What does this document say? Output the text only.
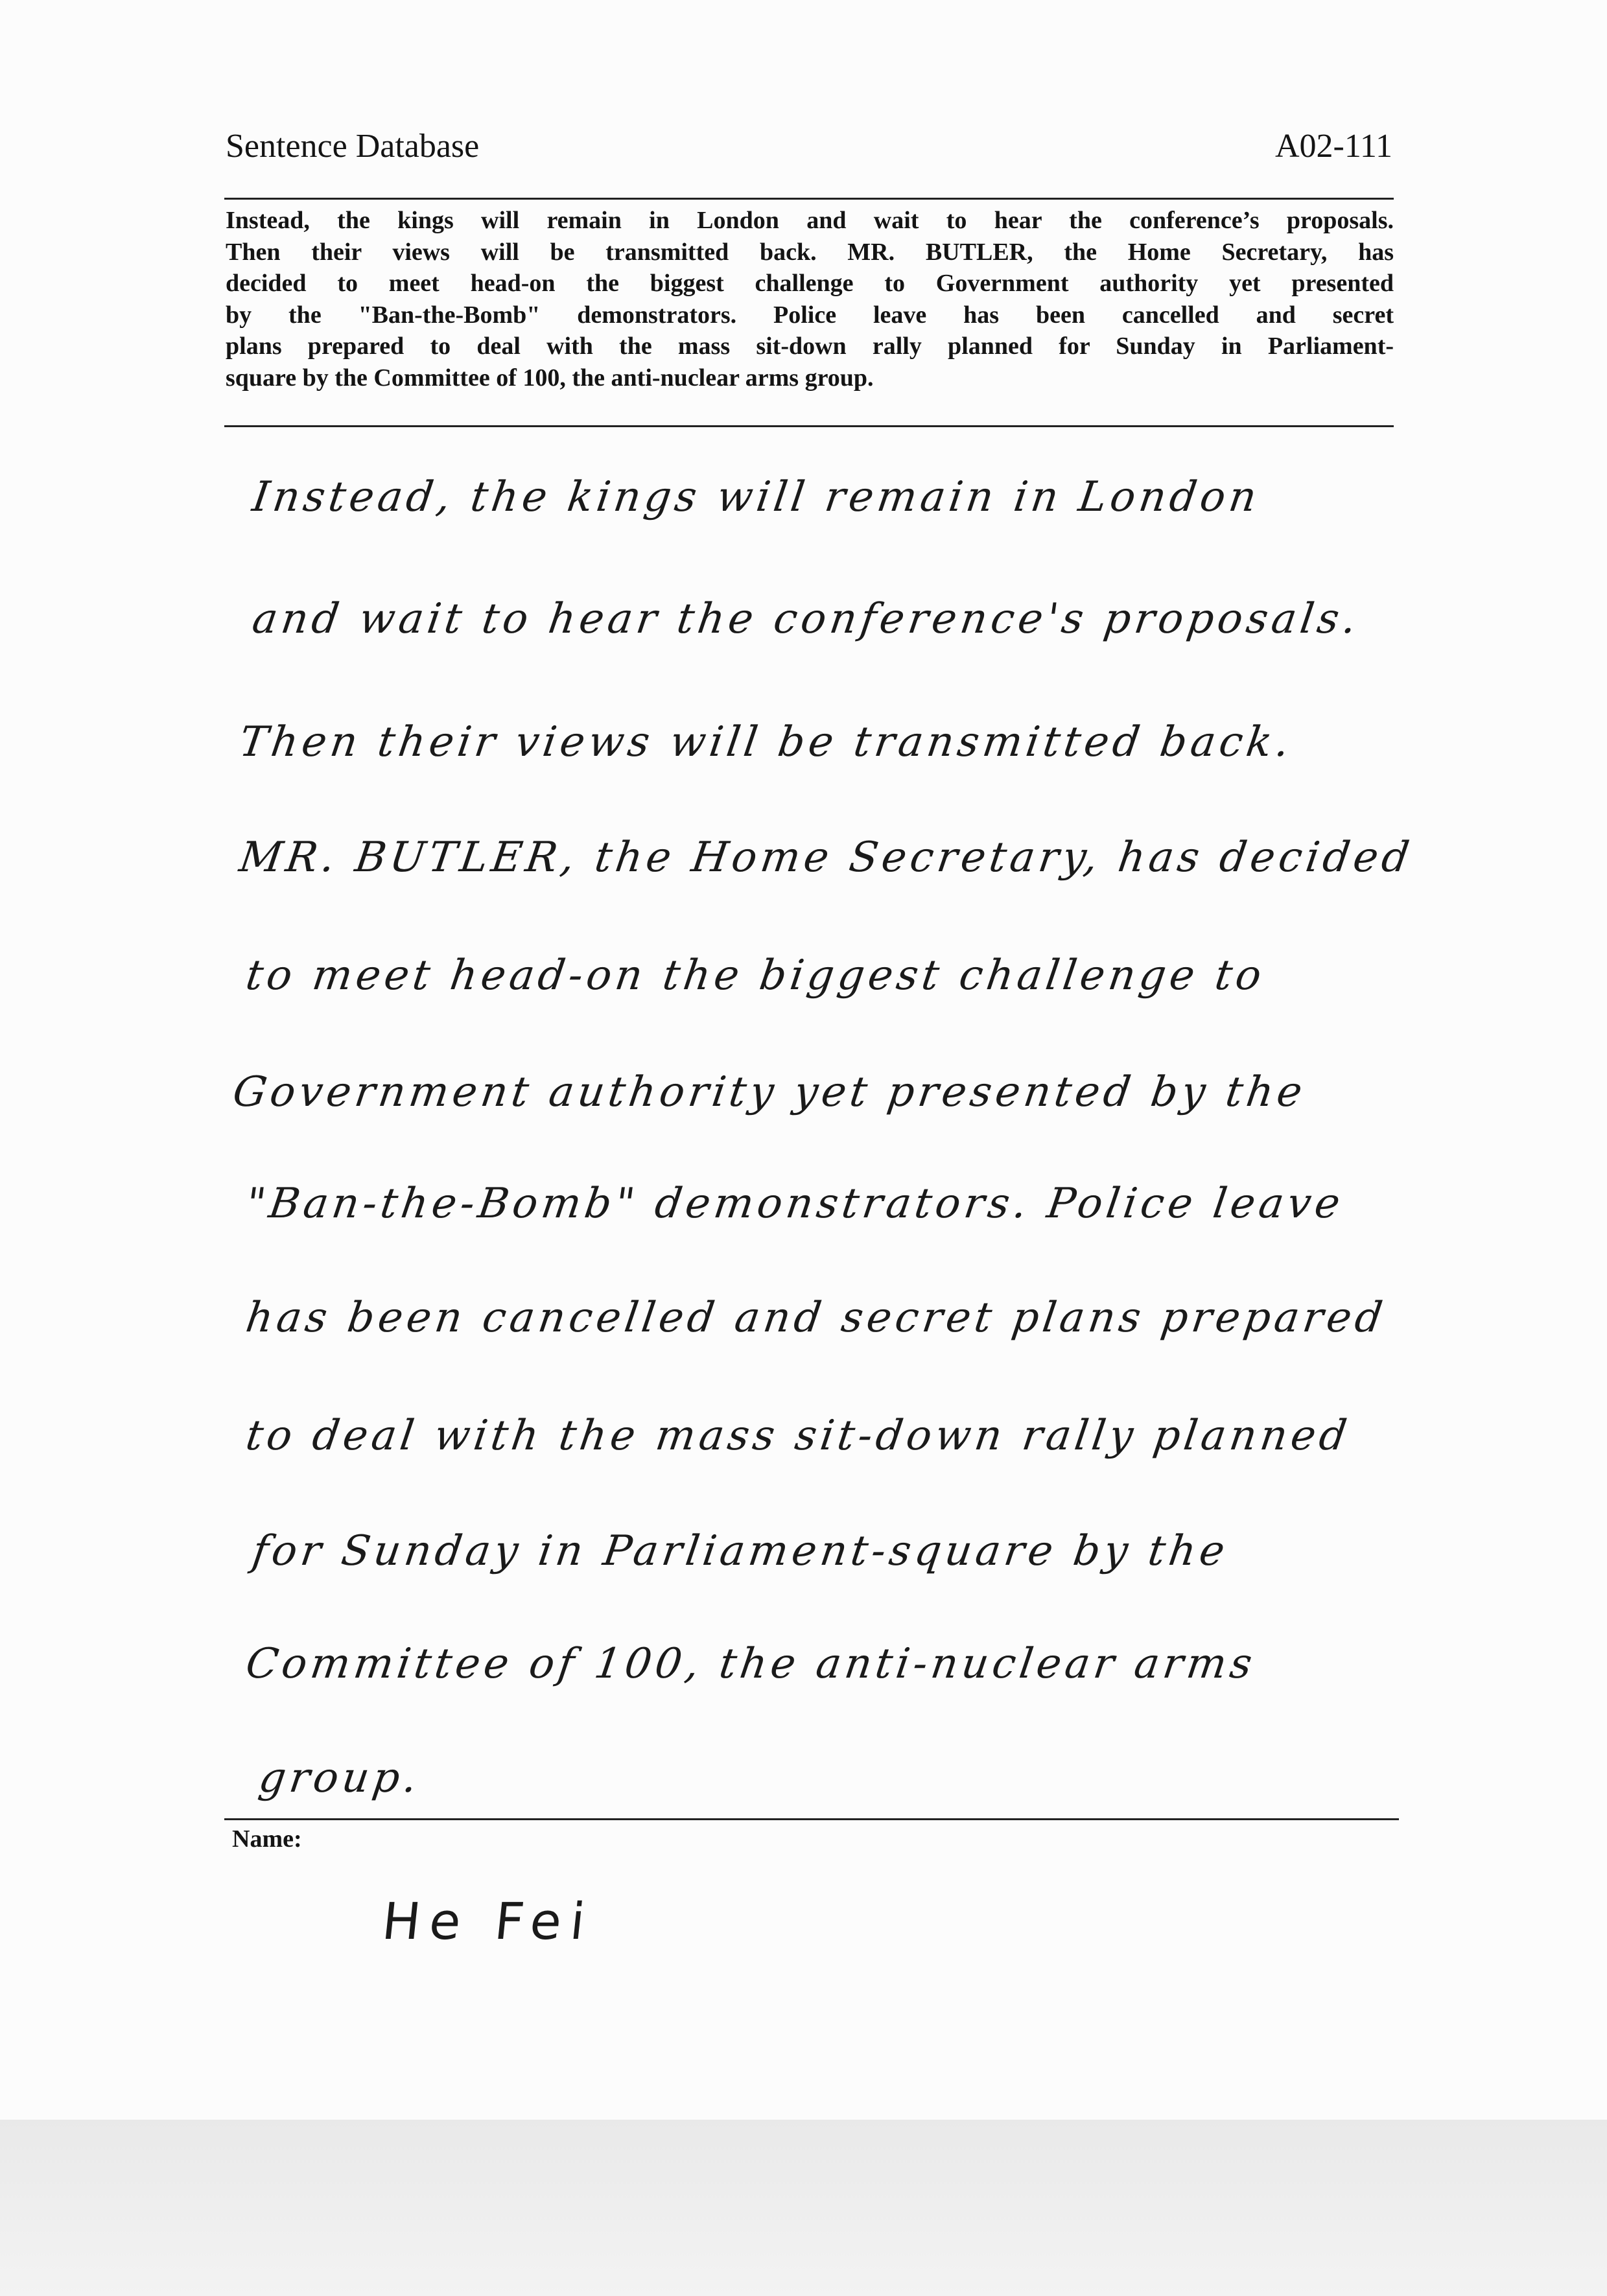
Sentence Database	A02-111
Instead, the kings will remain in London and wait to hear the conference’s proposals.
Then their views will be transmitted back. MR. BUTLER, the Home Secretary, has
decided to meet head-on the biggest challenge to Government authority yet presented
by the "Ban-the-Bomb" demonstrators. Police leave has been cancelled and secret
plans prepared to deal with the mass sit-down rally planned for Sunday in Parliament-
square by the Committee of 100, the anti-nuclear arms group.
Instead, the kings will remain in London
and wait to hear the conference's proposals.
Then their views will be transmitted back.
MR. BUTLER, the Home Secretary, has decided
to meet head-on the biggest challenge to
Government authority yet presented by the
"Ban-the-Bomb" demonstrators. Police leave
has been cancelled and secret plans prepared
to deal with the mass sit-down rally planned
for Sunday in Parliament-square by the
Committee of 100, the anti-nuclear arms
group.
Name:
He Fei
